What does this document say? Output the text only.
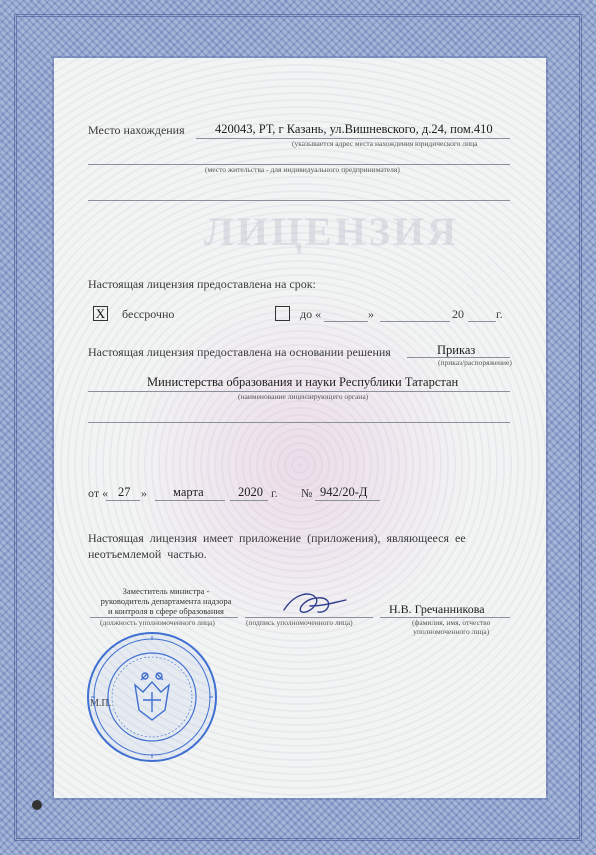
ЛИЦЕНЗИЯ
Место нахождения 420043, РТ, г Казань, ул.Вишневского, д.24, пом.410
(указывается адрес места нахождения юридического лица
(место жительства - для индивидуального предпринимателя)
Настоящая лицензия предоставлена на срок:
X бессрочно	до «	»	20	г.
Настоящая лицензия предоставлена на основании решения	Приказ
(приказ/распоряжение)
Министерства образования и науки Республики Татарстан
(наименование лицензирующего органа)
от « 27 » марта	2020 г. № 942/20-Д
Настоящая лицензия имеет приложение (приложения), являющееся ее
неотъемлемой частью.
Заместитель министра -
руководитель департамента надзора
и контроля в сфере образования
(должность уполномоченного лица)	(подпись уполномоченного лица)
Н.В. Гречанникова
(фамилия, имя, отчество
уполномоченного лица)
